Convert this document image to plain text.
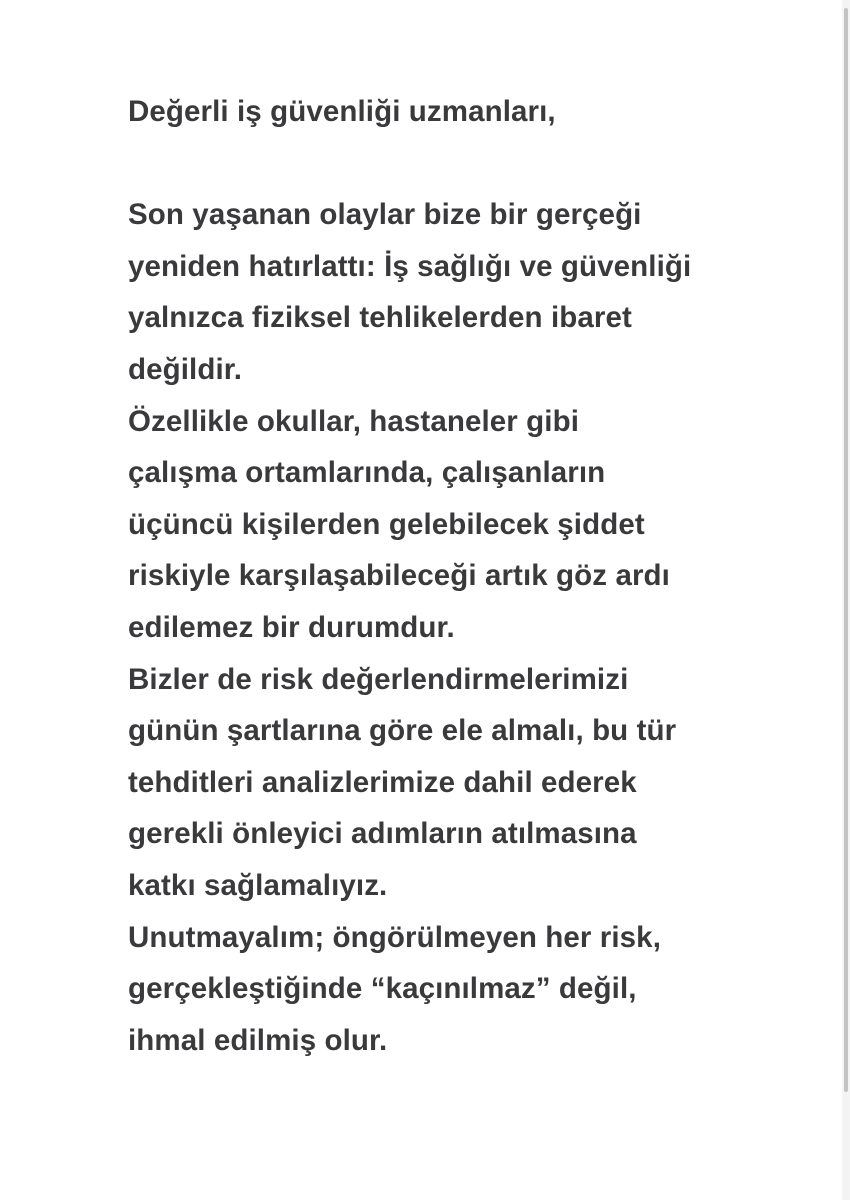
Değerli iş güvenliği uzmanları,
Son yaşanan olaylar bize bir gerçeği
yeniden hatırlattı: İş sağlığı ve güvenliği
yalnızca fiziksel tehlikelerden ibaret
değildir.
Özellikle okullar, hastaneler gibi
çalışma ortamlarında, çalışanların
üçüncü kişilerden gelebilecek şiddet
riskiyle karşılaşabileceği artık göz ardı
edilemez bir durumdur.
Bizler de risk değerlendirmelerimizi
günün şartlarına göre ele almalı, bu tür
tehditleri analizlerimize dahil ederek
gerekli önleyici adımların atılmasına
katkı sağlamalıyız.
Unutmayalım; öngörülmeyen her risk,
gerçekleştiğinde “kaçınılmaz” değil,
ihmal edilmiş olur.
